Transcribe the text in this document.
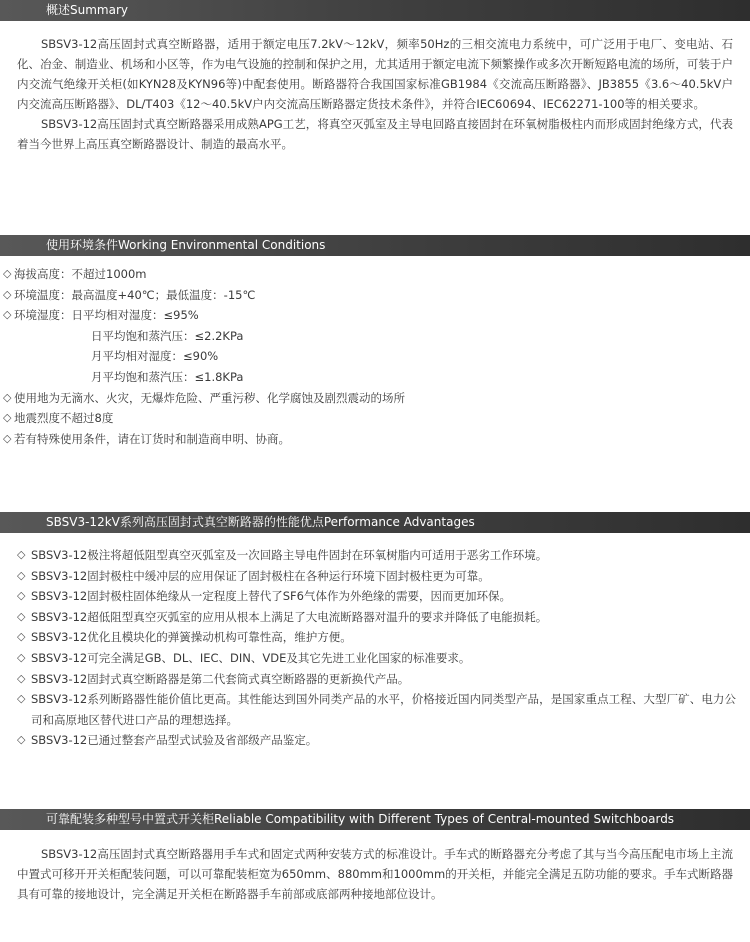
概述Summary

SBSV3-12高压固封式真空断路器，适用于额定电压7.2kV～12kV，频率50Hz的三相交流电力系统中，可广泛用于电厂、变电站、石化、冶金、制造业、机场和小区等，作为电气设施的控制和保护之用，尤其适用于额定电流下频繁操作或多次开断短路电流的场所，可装于户内交流气绝缘开关柜(如KYN28及KYN96等)中配套使用。断路器符合我国国家标准GB1984《交流高压断路器》、JB3855《3.6～40.5kV户内交流高压断路器》、DL/T403《12～40.5kV户内交流高压断路器定货技术条件》，并符合IEC60694、IEC62271-100等的相关要求。

SBSV3-12高压固封式真空断路器采用成熟APG工艺，将真空灭弧室及主导电回路直接固封在环氧树脂极柱内而形成固封绝缘方式，代表着当今世界上高压真空断路器设计、制造的最高水平。

使用环境条件Working Environmental Conditions
◇ 海拔高度：不超过1000m
◇ 环境温度：最高温度+40℃；最低温度：-15℃
◇ 环境湿度：日平均相对湿度：≤95%
日平均饱和蒸汽压：≤2.2KPa
月平均相对湿度：≤90%
月平均饱和蒸汽压：≤1.8KPa
◇ 使用地为无滴水、火灾，无爆炸危险、严重污秽、化学腐蚀及剧烈震动的场所
◇ 地震烈度不超过8度
◇ 若有特殊使用条件，请在订货时和制造商申明、协商。
SBSV3-12kV系列高压固封式真空断路器的性能优点Performance Advantages
◇ SBSV3-12极注将超低阻型真空灭弧室及一次回路主导电件固封在环氧树脂内可适用于恶劣工作环境。
◇ SBSV3-12固封极柱中缓冲层的应用保证了固封极柱在各种运行环境下固封极柱更为可靠。
◇ SBSV3-12固封极柱固体绝缘从一定程度上替代了SF6气体作为外绝缘的需要，因而更加环保。
◇ SBSV3-12超低阻型真空灭弧室的应用从根本上满足了大电流断路器对温升的要求并降低了电能损耗。
◇ SBSV3-12优化且模块化的弹簧操动机构可靠性高，维护方便。
◇ SBSV3-12可完全满足GB、DL、IEC、DIN、VDE及其它先进工业化国家的标准要求。
◇ SBSV3-12固封式真空断路器是第二代套筒式真空断路器的更新换代产品。
◇ SBSV3-12系列断路器性能价值比更高。其性能达到国外同类产品的水平，价格接近国内同类型产品，是国家重点工程、大型厂矿、电力公司和高原地区替代进口产品的理想选择。
◇ SBSV3-12已通过整套产品型式试验及省部级产品鉴定。
可靠配装多种型号中置式开关柜Reliable Compatibility with Different Types of Central-mounted Switchboards

SBSV3-12高压固封式真空断路器用手车式和固定式两种安装方式的标准设计。手车式的断路器充分考虑了其与当今高压配电市场上主流中置式可移开开关柜配装问题，可以可靠配装柜宽为650mm、880mm和1000mm的开关柜，并能完全满足五防功能的要求。手车式断路器具有可靠的接地设计，完全满足开关柜在断路器手车前部或底部两种接地部位设计。
